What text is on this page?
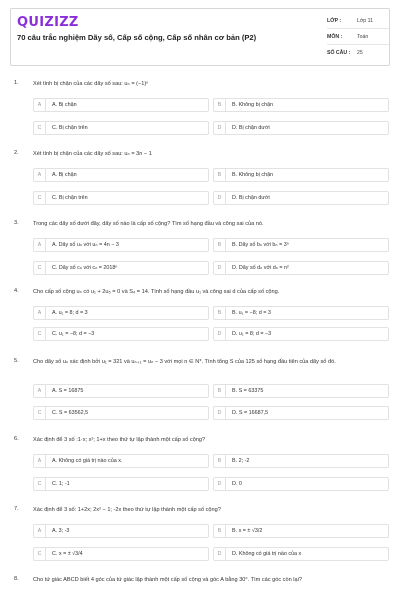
QUIZIZZ
70 câu trắc nghiệm Dãy số, Cấp số cộng, Cấp số nhân cơ bản (P2)
LỚP :	Lớp 11
MÔN :	Toán
SỐ CÂU :	25
1.	Xét tính bị chặn của các dãy số sau: uₙ = (−1)ⁿ
A	A. Bị chặn	B	B. Không bị chặn
C	C. Bị chặn trên	D	D. Bị chặn dưới
2.	Xét tính bị chặn của các dãy số sau: uₙ = 3n − 1
A	A. Bị chặn	B	B. Không bị chặn
C	C. Bị chặn trên	D	D. Bị chặn dưới
3.	Trong các dãy số dưới đây, dãy số nào là cấp số cộng? Tìm số hạng đầu và công sai của nó.
A	A. Dãy số uₙ với uₙ = 4n − 3	B	B. Dãy số bₙ với bₙ = 3ⁿ
C	C. Dãy số cₙ với cₙ = 2018ⁿ	D	D. Dãy số dₙ với dₙ = n²
4.	Cho cấp số cộng uₙ có u₁ + 2u₅ = 0 và S₄ = 14. Tính số hạng đầu u₁ và công sai d của cấp số cộng.
A	A. u₁ = 8; d = 3	B	B. u₁ = −8; d = 3
C	C. u₁ = −8; d = −3	D	D. u₁ = 8; d = −3
5.	Cho dãy số uₙ xác định bởi u₁ = 321 và uₙ₊₁ = uₙ − 3 với mọi n ∈ N*. Tính tổng S của 125 số hạng đầu tiên của dãy số đó.
A	A. S = 16875	B	B. S = 63375
C	C. S = 63562,5	D	D. S = 16687,5
6.	Xác định để 3 số :1·x; x²; 1+x theo thứ tự lập thành một cấp số cộng?
A	A. Không có giá trị nào của x.	B	B. 2; -2
C	C. 1; -1	D	D. 0
7.	Xác định để 3 số: 1+2x; 2x² − 1; -2x theo thứ tự lập thành một cấp số cộng?
A	A. 3; -3	B	B. x = ± √3/2
C	C. x = ± √3/4	D	D. Không có giá trị nào của x
8.	Cho tứ giác ABCD biết 4 góc của tứ giác lập thành một cấp số cộng và góc A bằng 30°. Tìm các góc còn lại?
